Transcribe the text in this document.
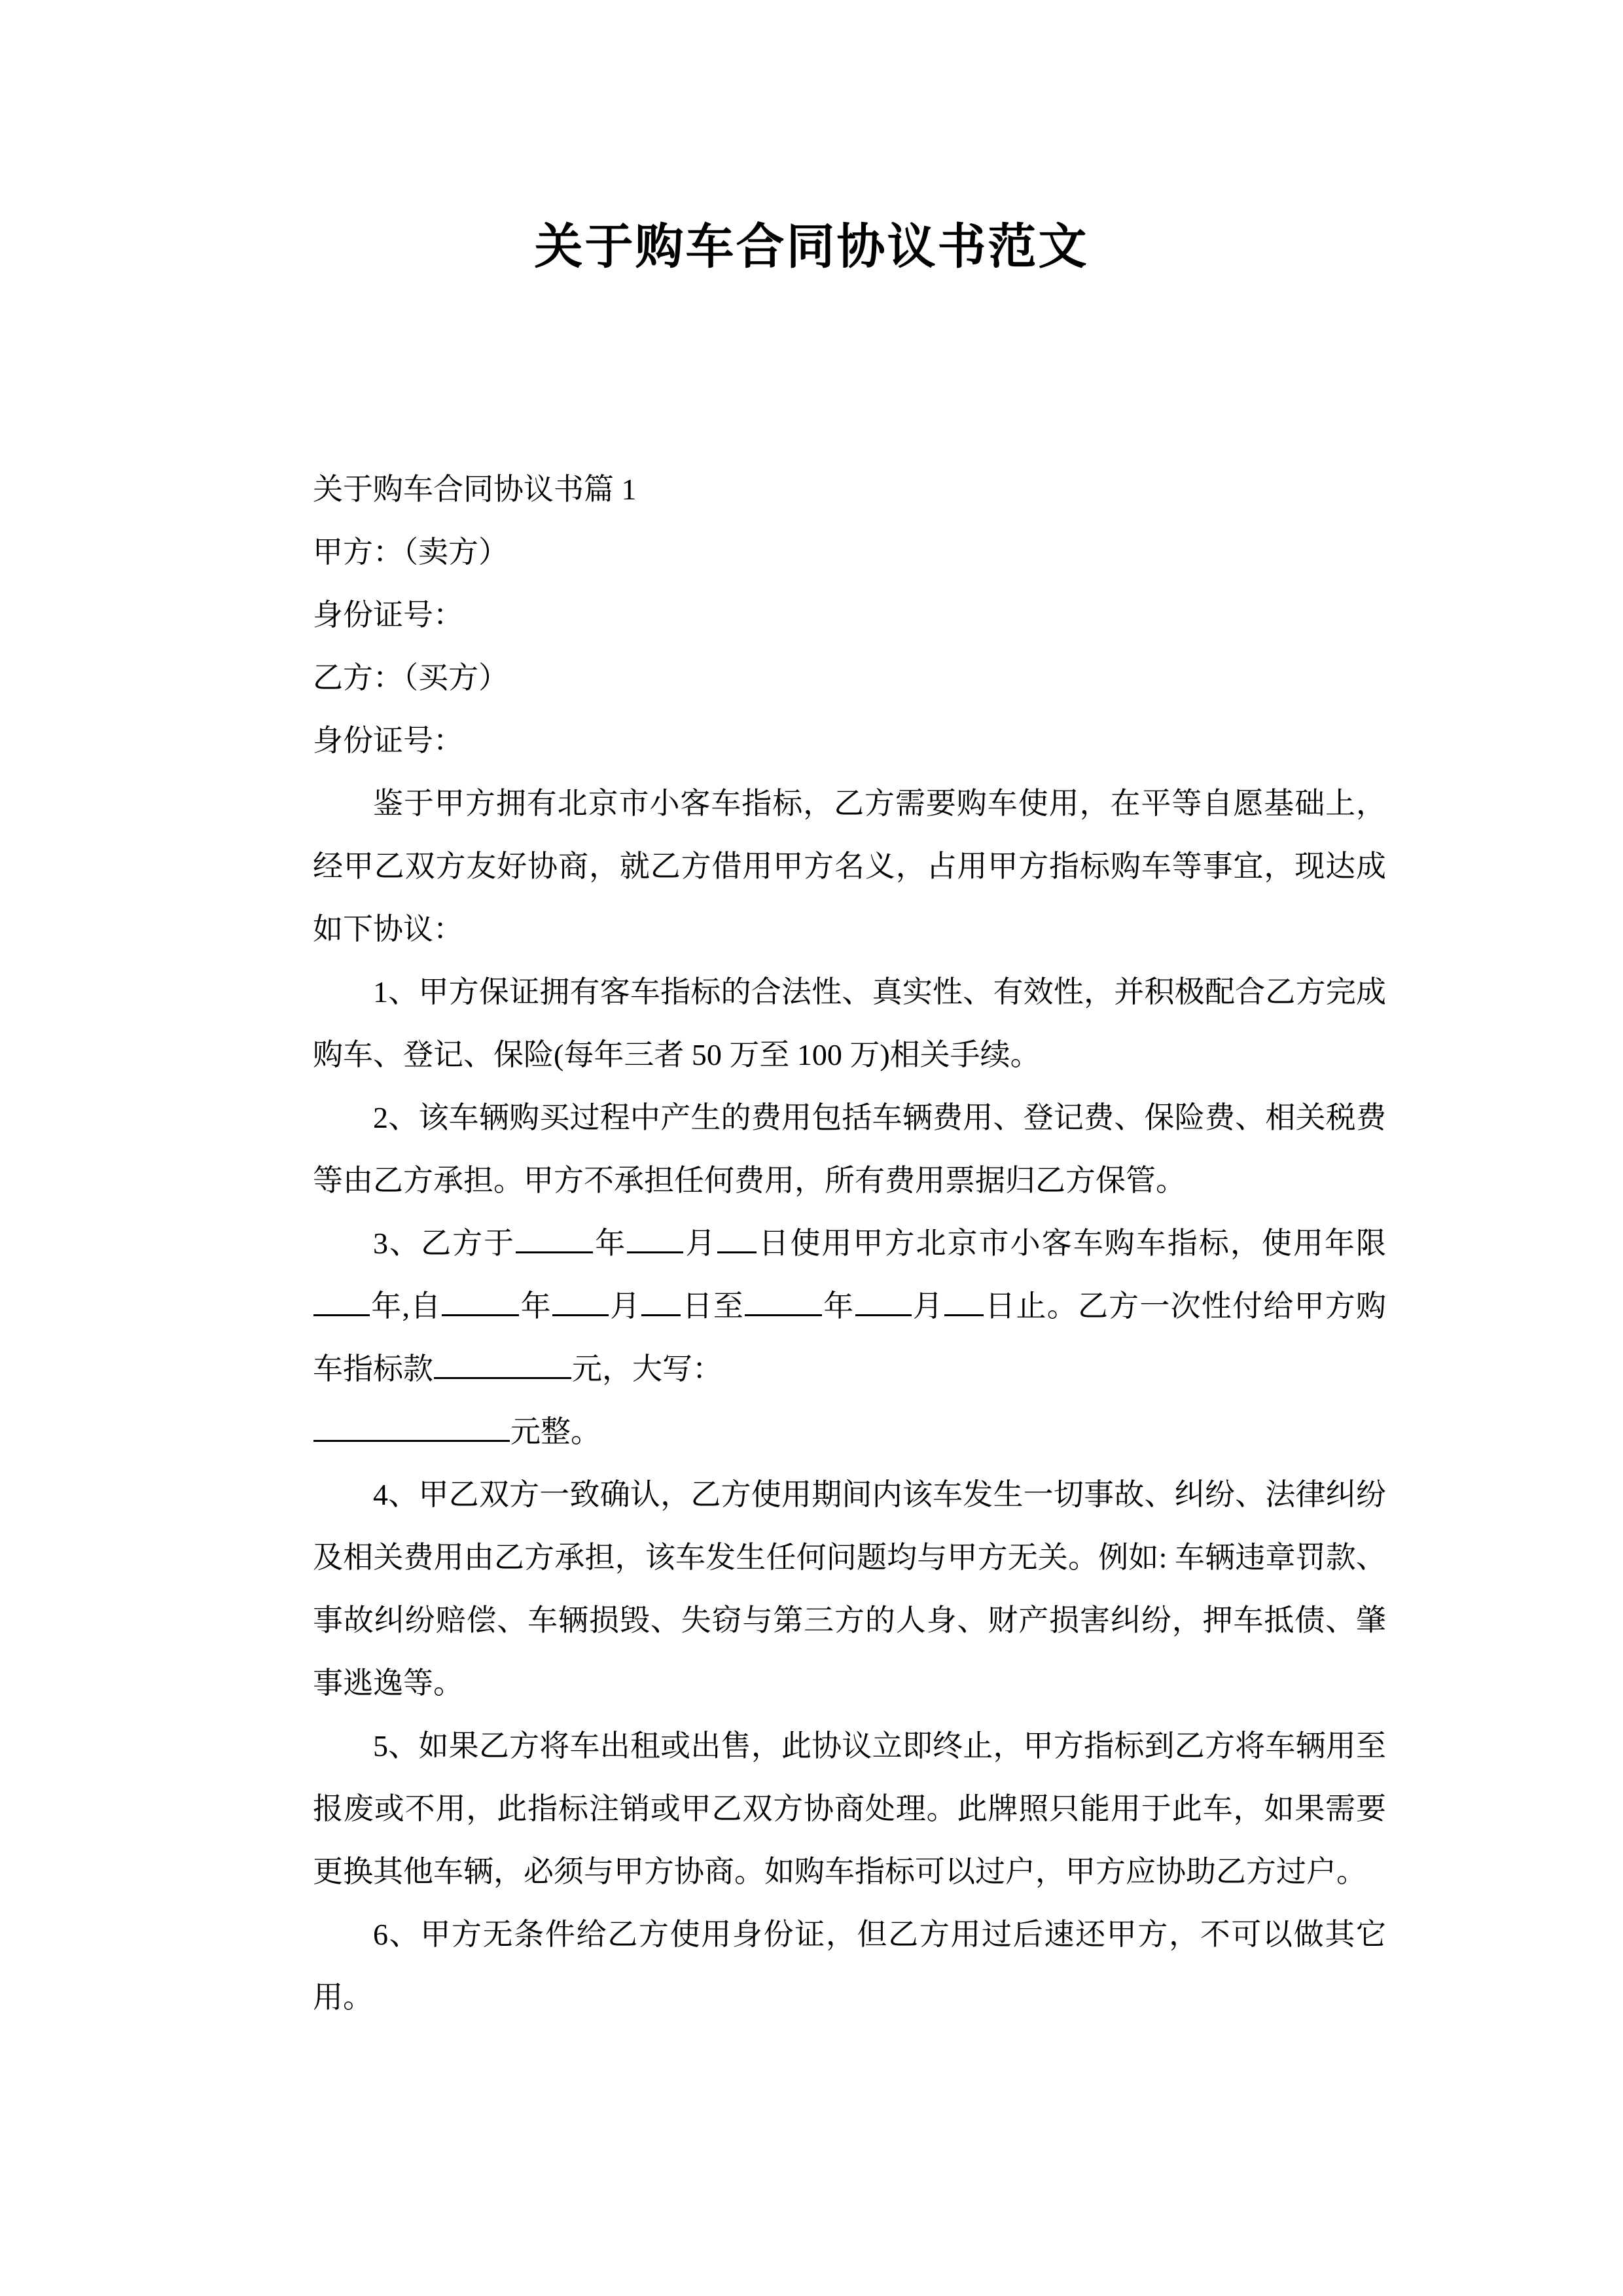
关于购车合同协议书范文

关于购车合同协议书篇 1

甲方：（卖方）

身份证号：

乙方：（买方）

身份证号：

鉴于甲方拥有北京市小客车指标，乙方需要购车使用，在平等自愿基础上，经甲乙双方友好协商，就乙方借用甲方名义，占用甲方指标购车等事宜，现达成如下协议：

1、甲方保证拥有客车指标的合法性、真实性、有效性，并积极配合乙方完成购车、登记、保险(每年三者 50 万至 100 万)相关手续。

2、该车辆购买过程中产生的费用包括车辆费用、登记费、保险费、相关税费等由乙方承担。甲方不承担任何费用，所有费用票据归乙方保管。

3、乙方于	年 月 日使用甲方北京市小客车购车指标，使用年限年,自	年 月 日至	年 月 日止。乙方一次性付给甲方购车指标款	元，大写：

元整。

4、甲乙双方一致确认，乙方使用期间内该车发生一切事故、纠纷、法律纠纷及相关费用由乙方承担，该车发生任何问题均与甲方无关。例如: 车辆违章罚款、事故纠纷赔偿、车辆损毁、失窃与第三方的人身、财产损害纠纷，押车抵债、肇事逃逸等。

5、如果乙方将车出租或出售，此协议立即终止，甲方指标到乙方将车辆用至报废或不用，此指标注销或甲乙双方协商处理。此牌照只能用于此车，如果需要更换其他车辆，必须与甲方协商。如购车指标可以过户，甲方应协助乙方过户。

6、甲方无条件给乙方使用身份证，但乙方用过后速还甲方，不可以做其它用。
